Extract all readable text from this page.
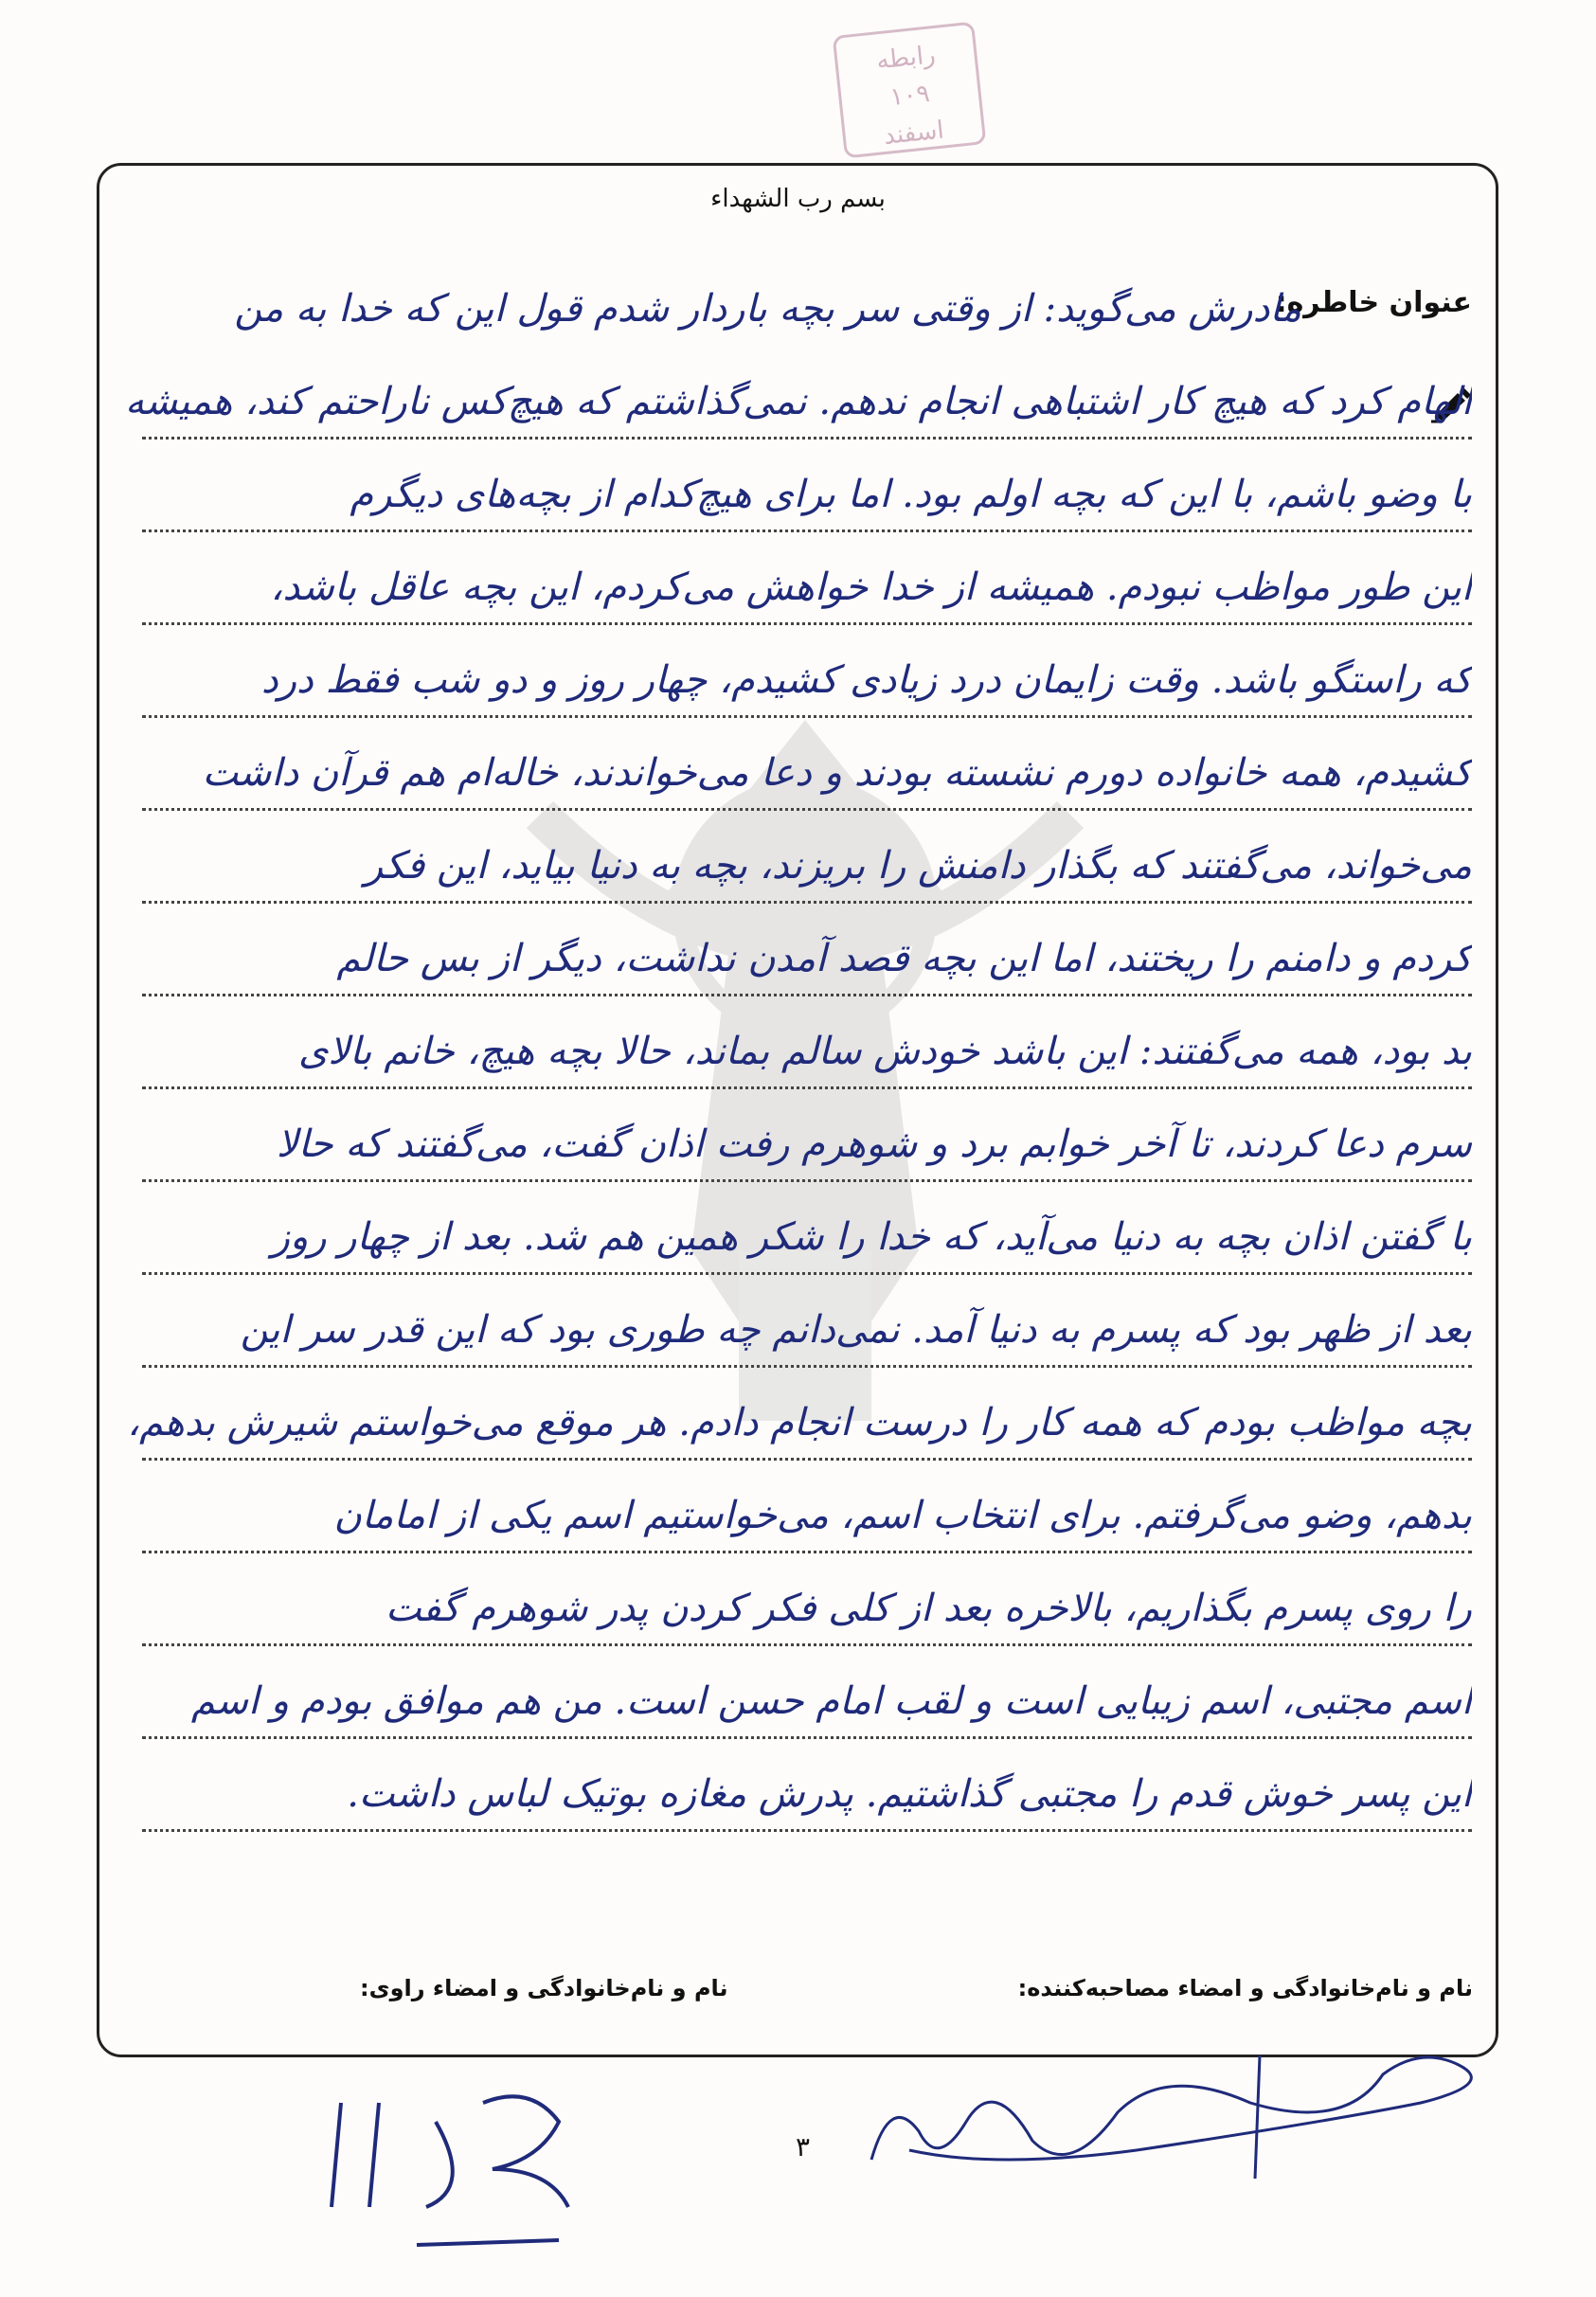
رابطه
۱۰۹
اسفند
بسم رب الشهداء
عنوان خاطره:
مادرش می‌گوید: از وقتی سر بچه باردار شدم قول این که خدا به من
الهام کرد که هیچ کار اشتباهی انجام ندهم. نمی‌گذاشتم که هیچ‌کس ناراحتم کند، همیشه
با وضو باشم، با این که بچه اولم بود. اما برای هیچ‌کدام از بچه‌های دیگرم
این طور مواظب نبودم. همیشه از خدا خواهش می‌کردم، این بچه عاقل باشد،
که راستگو باشد. وقت زایمان درد زیادی کشیدم، چهار روز و دو شب فقط درد
کشیدم، همه خانواده دورم نشسته بودند و دعا می‌خواندند، خاله‌ام هم قرآن داشت
می‌خواند، می‌گفتند که بگذار دامنش را بریزند، بچه به دنیا بیاید، این فکر
کردم و دامنم را ریختند، اما این بچه قصد آمدن نداشت، دیگر از بس حالم
بد بود، همه می‌گفتند: این باشد خودش سالم بماند، حالا بچه هیچ، خانم بالای
سرم دعا کردند، تا آخر خوابم برد و شوهرم رفت اذان گفت، می‌گفتند که حالا
با گفتن اذان بچه به دنیا می‌آید، که خدا را شکر همین هم شد. بعد از چهار روز
بعد از ظهر بود که پسرم به دنیا آمد. نمی‌دانم چه طوری بود که این قدر سر این
بچه مواظب بودم که همه کار را درست انجام دادم. هر موقع می‌خواستم شیرش بدهم،
بدهم، وضو می‌گرفتم. برای انتخاب اسم، می‌خواستیم اسم یکی از امامان
را روی پسرم بگذاریم، بالاخره بعد از کلی فکر کردن پدر شوهرم گفت
اسم مجتبی، اسم زیبایی است و لقب امام حسن است. من هم موافق بودم و اسم
این پسر خوش قدم را مجتبی گذاشتیم. پدرش مغازه بوتیک لباس داشت.
نام و نام‌خانوادگی و امضاء مصاحبه‌کننده:
نام و نام‌خانوادگی و امضاء راوی:
۳
